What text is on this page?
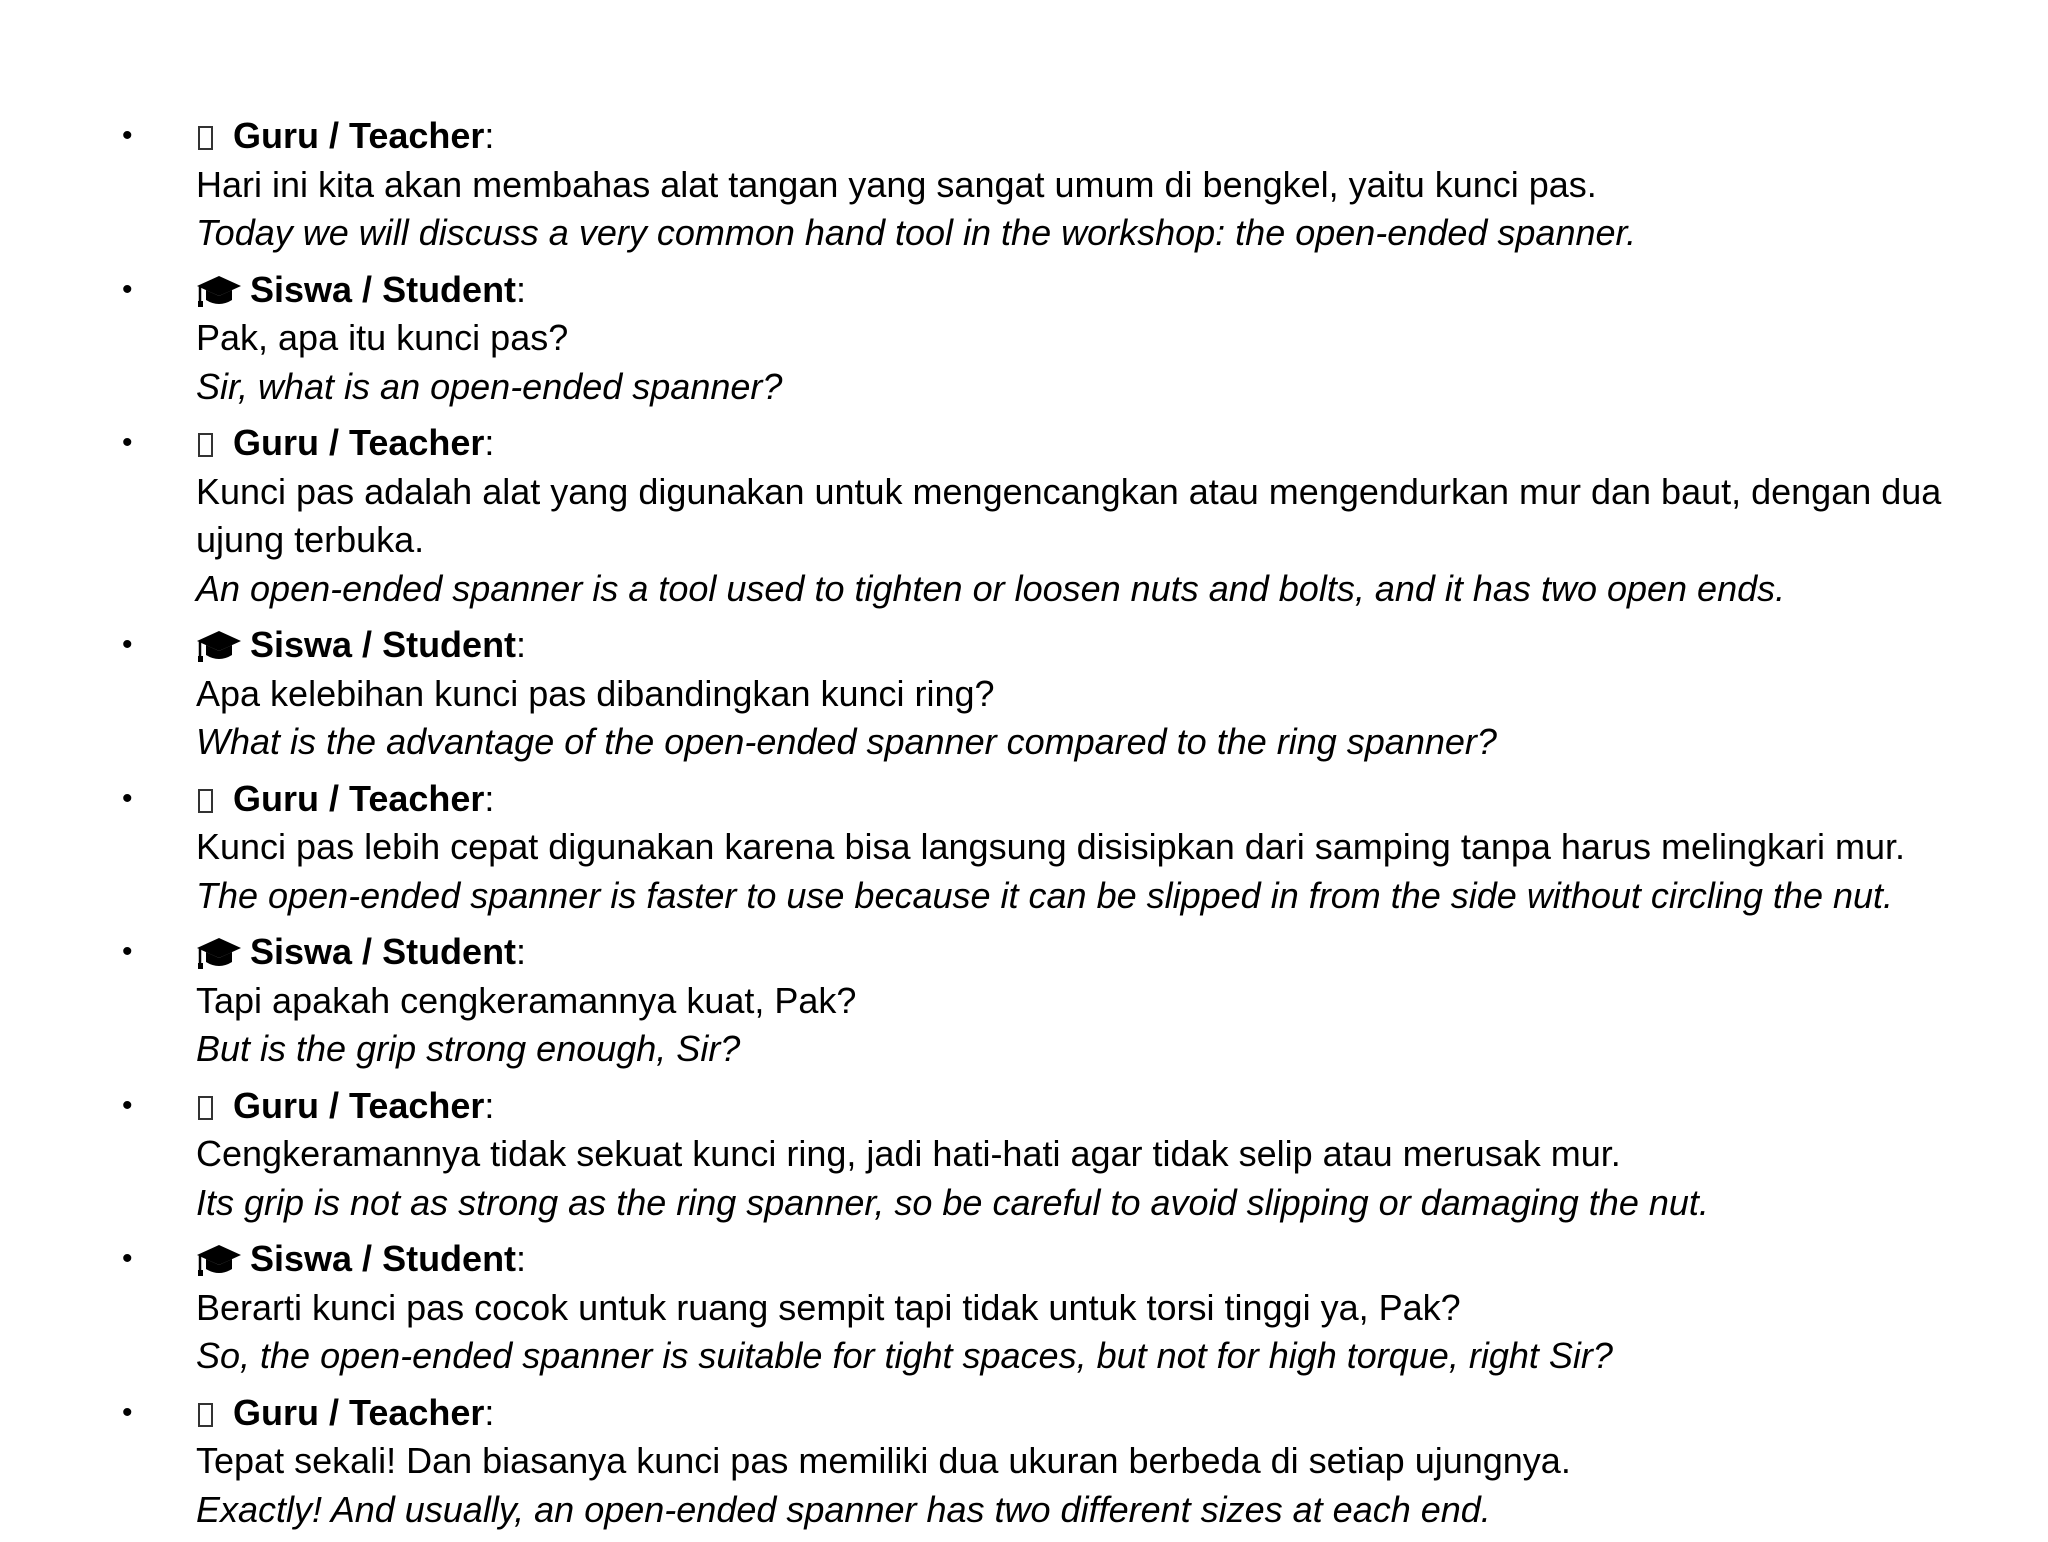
•	Guru / Teacher:
Hari ini kita akan membahas alat tangan yang sangat umum di bengkel, yaitu kunci pas.
Today we will discuss a very common hand tool in the workshop: the open-ended spanner.
•	Siswa / Student:
Pak, apa itu kunci pas?
Sir, what is an open-ended spanner?
•	Guru / Teacher:
Kunci pas adalah alat yang digunakan untuk mengencangkan atau mengendurkan mur dan baut, dengan dua ujung terbuka.
An open-ended spanner is a tool used to tighten or loosen nuts and bolts, and it has two open ends.
•	Siswa / Student:
Apa kelebihan kunci pas dibandingkan kunci ring?
What is the advantage of the open-ended spanner compared to the ring spanner?
•	Guru / Teacher:
Kunci pas lebih cepat digunakan karena bisa langsung disisipkan dari samping tanpa harus melingkari mur.
The open-ended spanner is faster to use because it can be slipped in from the side without circling the nut.
•	Siswa / Student:
Tapi apakah cengkeramannya kuat, Pak?
But is the grip strong enough, Sir?
•	Guru / Teacher:
Cengkeramannya tidak sekuat kunci ring, jadi hati-hati agar tidak selip atau merusak mur.
Its grip is not as strong as the ring spanner, so be careful to avoid slipping or damaging the nut.
•	Siswa / Student:
Berarti kunci pas cocok untuk ruang sempit tapi tidak untuk torsi tinggi ya, Pak?
So, the open-ended spanner is suitable for tight spaces, but not for high torque, right Sir?
•	Guru / Teacher:
Tepat sekali! Dan biasanya kunci pas memiliki dua ukuran berbeda di setiap ujungnya.
Exactly! And usually, an open-ended spanner has two different sizes at each end.
